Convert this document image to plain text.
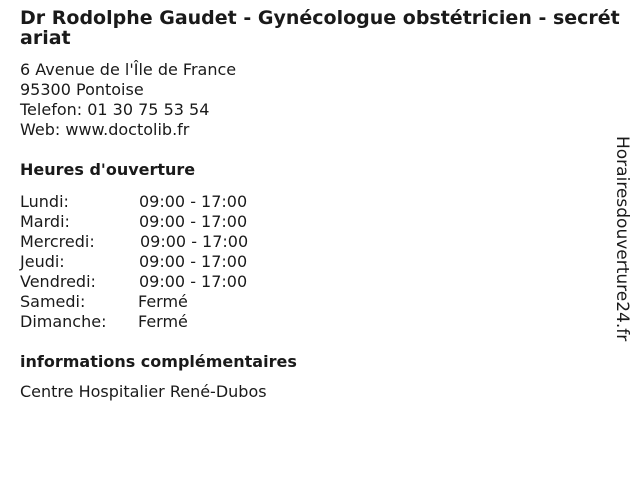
Dr Rodolphe Gaudet - Gynécologue obstétricien - secrétariat
6 Avenue de l'Île de France
95300 Pontoise
Telefon: 01 30 75 53 54
Web: www.doctolib.fr
Heures d'ouverture
Lundi:	09:00 - 17:00
Mardi:	09:00 - 17:00
Mercredi:	09:00 - 17:00
Jeudi:	09:00 - 17:00
Vendredi:	09:00 - 17:00
Samedi:	Fermé
Dimanche:	Fermé
informations complémentaires
Centre Hospitalier René-Dubos
Horairesdouverture24.fr
